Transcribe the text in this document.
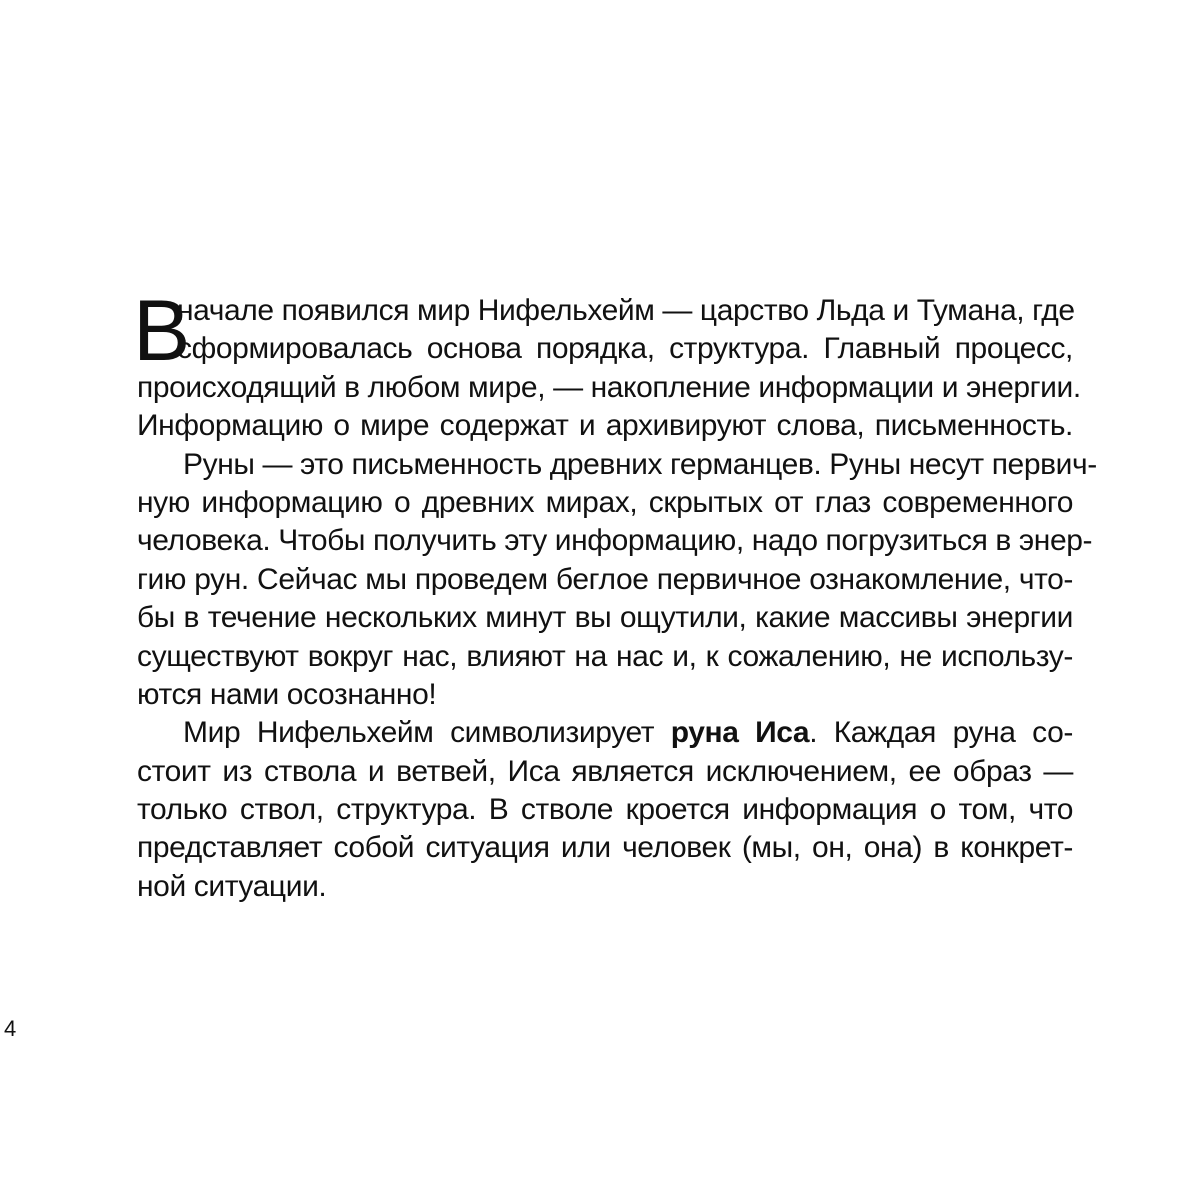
В
начале появился мир Нифельхейм — царство Льда и Тумана, где
сформировалась основа порядка, структура. Главный процесс,
происходящий в любом мире, — накопление информации и энергии.
Информацию о мире содержат и архивируют слова, письменность.
Руны — это письменность древних германцев. Руны несут первич-
ную информацию о древних мирах, скрытых от глаз современного
человека. Чтобы получить эту информацию, надо погрузиться в энер-
гию рун. Сейчас мы проведем беглое первичное ознакомление, что-
бы в течение нескольких минут вы ощутили, какие массивы энергии
существуют вокруг нас, влияют на нас и, к сожалению, не использу-
ются нами осознанно!
Мир Нифельхейм символизирует руна Иса. Каждая руна со-
стоит из ствола и ветвей, Иса является исключением, ее образ —
только ствол, структура. В стволе кроется информация о том, что
представляет собой ситуация или человек (мы, он, она) в конкрет-
ной ситуации.
4
